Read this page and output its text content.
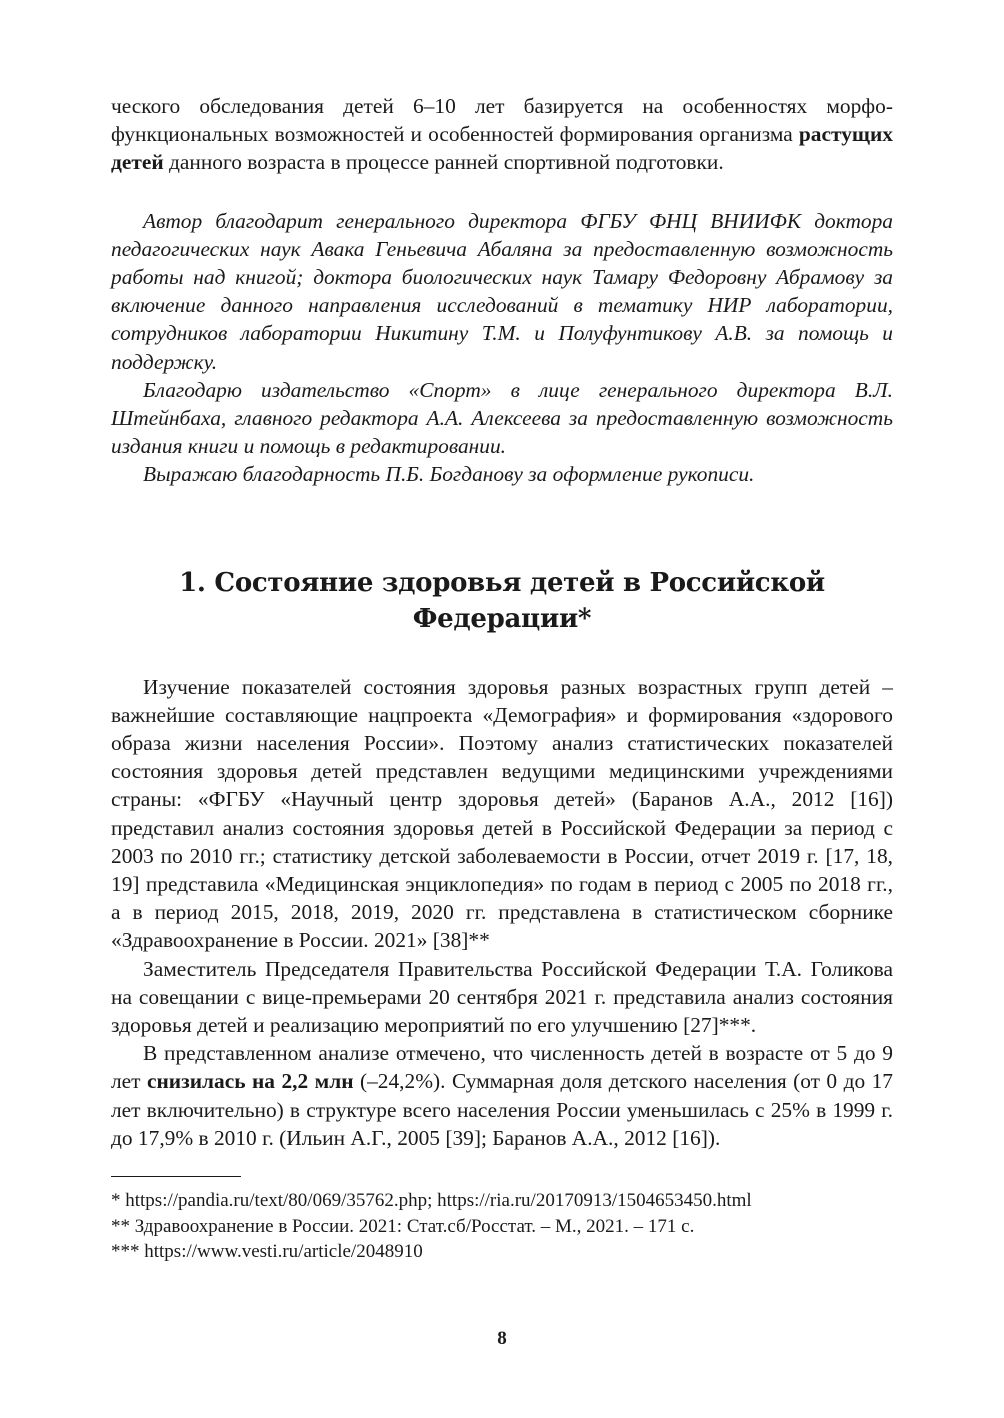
ческого обследования детей 6–10 лет базируется на особенностях морфо-функциональных возможностей и особенностей формирования организма растущих детей данного возраста в процессе ранней спортивной подготовки.

Автор благодарит генерального директора ФГБУ ФНЦ ВНИИФК доктора педагогических наук Авака Геньевича Абаляна за предоставленную возможность работы над книгой; доктора биологических наук Тамару Федоровну Абрамову за включение данного направления исследований в тематику НИР лаборатории, сотрудников лаборатории Никитину Т.М. и Полуфунтикову А.В. за помощь и поддержку.

Благодарю издательство «Спорт» в лице генерального директора В.Л. Штейнбаха, главного редактора А.А. Алексеева за предоставленную возможность издания книги и помощь в редактировании.

Выражаю благодарность П.Б. Богданову за оформление рукописи.

1. Состояние здоровья детей в Российской
Федерации*

Изучение показателей состояния здоровья разных возрастных групп детей – важнейшие составляющие нацпроекта «Демография» и формирования «здорового образа жизни населения России». Поэтому анализ статистических показателей состояния здоровья детей представлен ведущими медицинскими учреждениями страны: «ФГБУ «Научный центр здоровья детей» (Баранов А.А., 2012 [16]) представил анализ состояния здоровья детей в Российской Федерации за период с 2003 по 2010 гг.; статистику детской заболеваемости в России, отчет 2019 г. [17, 18, 19] представила «Медицинская энциклопедия» по годам в период с 2005 по 2018 гг., а в период 2015, 2018, 2019, 2020 гг. представлена в статистическом сборнике «Здравоохранение в России. 2021» [38]**

Заместитель Председателя Правительства Российской Федерации Т.А. Голикова на совещании с вице-премьерами 20 сентября 2021 г. представила анализ состояния здоровья детей и реализацию мероприятий по его улучшению [27]***.

В представленном анализе отмечено, что численность детей в возрасте от 5 до 9 лет снизилась на 2,2 млн (–24,2%). Суммарная доля детского населения (от 0 до 17 лет включительно) в структуре всего населения России уменьшилась с 25% в 1999 г. до 17,9% в 2010 г. (Ильин А.Г., 2005 [39]; Баранов А.А., 2012 [16]).

* https://pandia.ru/text/80/069/35762.php; https://ria.ru/20170913/1504653450.html

** Здравоохранение в России. 2021: Стат.сб/Росстат. – М., 2021. – 171 с.

*** https://www.vesti.ru/article/2048910

8
